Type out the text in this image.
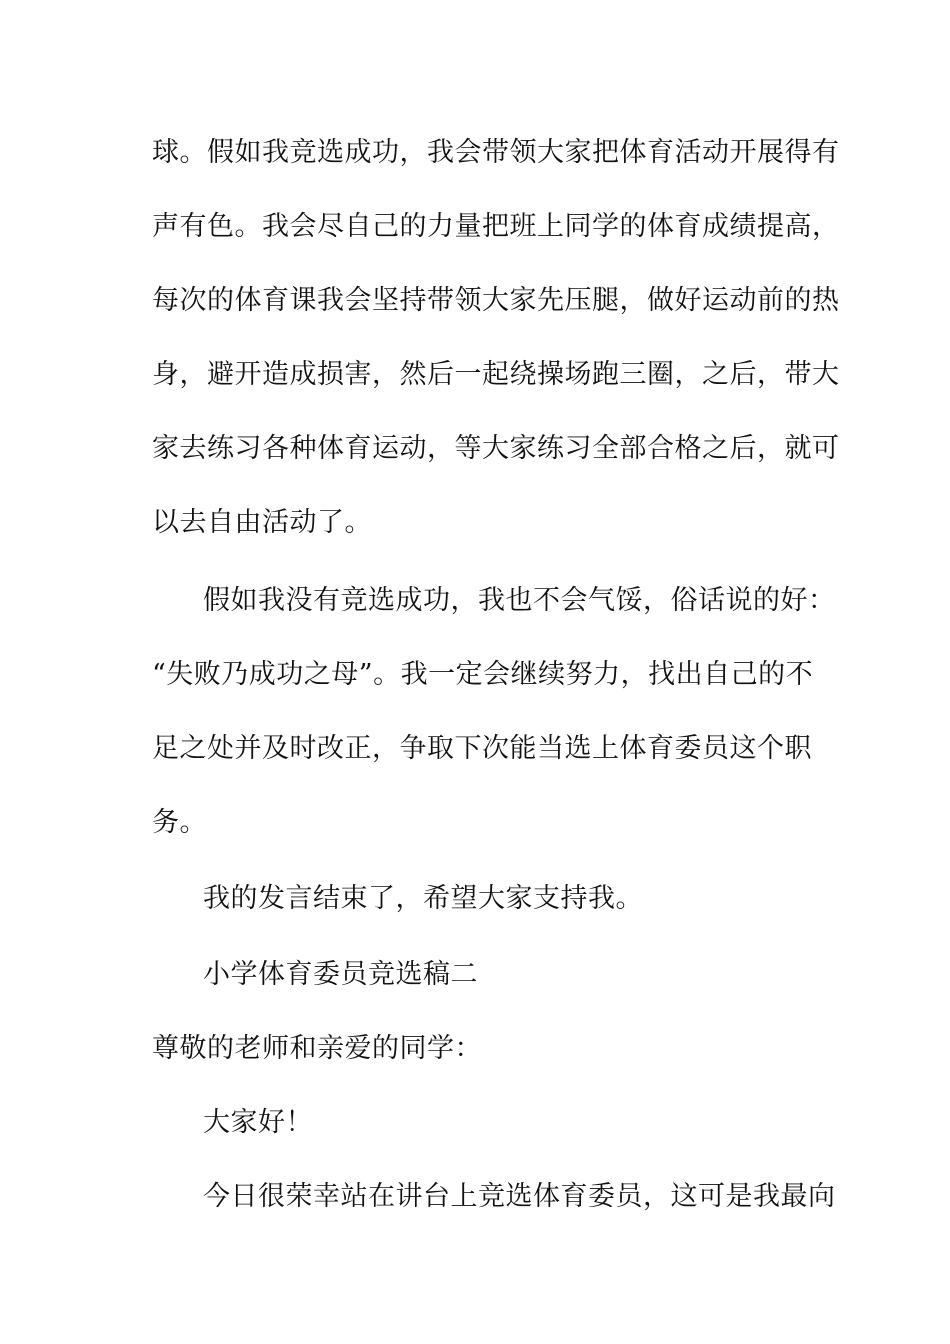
球。假如我竞选成功，我会带领大家把体育活动开展得有
声有色。我会尽自己的力量把班上同学的体育成绩提高，
每次的体育课我会坚持带领大家先压腿，做好运动前的热
身，避开造成损害，然后一起绕操场跑三圈，之后，带大
家去练习各种体育运动，等大家练习全部合格之后，就可
以去自由活动了。
假如我没有竞选成功，我也不会气馁，俗话说的好：
“失败乃成功之母”。我一定会继续努力，找出自己的不
足之处并及时改正，争取下次能当选上体育委员这个职
务。
我的发言结束了，希望大家支持我。
小学体育委员竞选稿二
尊敬的老师和亲爱的同学：
大家好！
今日很荣幸站在讲台上竞选体育委员，这可是我最向
